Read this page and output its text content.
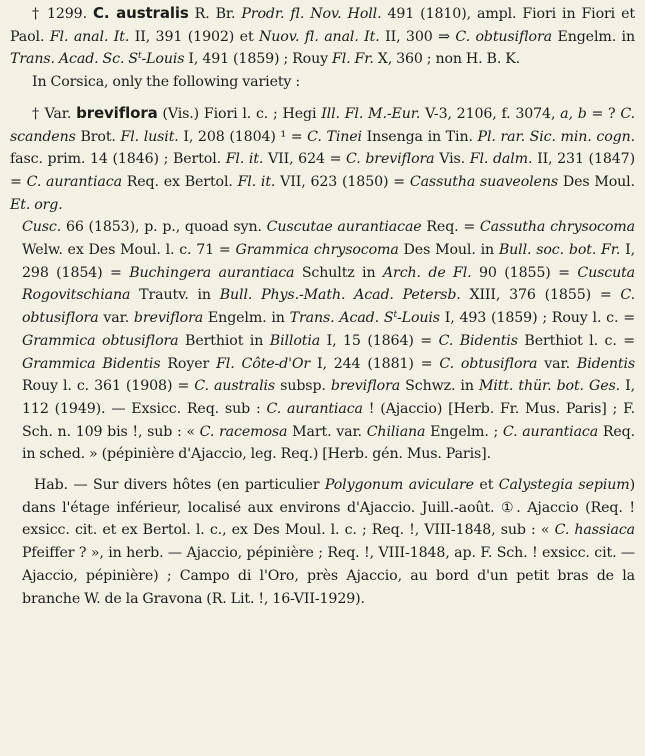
† 1299. C. australis R. Br. Prodr. fl. Nov. Holl. 491 (1810), ampl. Fiori in Fiori et Paol. Fl. anal. It. II, 391 (1902) et Nuov. fl. anal. It. II, 300 ⇒ C. obtusiflora Engelm. in Trans. Acad. Sc. $S^t$-Louis I, 491 (1859) ; Rouy Fl. Fr. X, 360 ; non H. B. K.

In Corsica, only the following variety :

† Var. breviflora (Vis.) Fiori l. c. ; Hegi Ill. Fl. M.-Eur. V-3, 2106, f. 3074, a, b = ? C. scandens Brot. Fl. lusit. I, 208 (1804) ¹ = C. Tinei Insenga in Tin. Pl. rar. Sic. min. cogn. fasc. prim. 14 (1846) ; Bertol. Fl. it. VII, 624 = C. breviflora Vis. Fl. dalm. II, 231 (1847) = C. aurantiaca Req. ex Bertol. Fl. it. VII, 623 (1850) = Cassutha suaveolens Des Moul. Et. org.

Cusc. 66 (1853), p. p., quoad syn. Cuscutae aurantiacae Req. = Cassutha chrysocoma Welw. ex Des Moul. l. c. 71 = Grammica chrysocoma Des Moul. in Bull. soc. bot. Fr. I, 298 (1854) = Buchingera aurantiaca Schultz in Arch. de Fl. 90 (1855) = Cuscuta Rogovitschiana Trautv. in Bull. Phys.-Math. Acad. Petersb. XIII, 376 (1855) = C. obtusiflora var. breviflora Engelm. in Trans. Acad. $S^t$-Louis I, 493 (1859) ; Rouy l. c. = Grammica obtusiflora Berthiot in Billotia I, 15 (1864) = C. Bidentis Berthiot l. c. = Grammica Bidentis Royer Fl. Côte-d'Or I, 244 (1881) = C. obtusiflora var. Bidentis Rouy l. c. 361 (1908) = C. australis subsp. breviflora Schwz. in Mitt. thür. bot. Ges. I, 112 (1949). — Exsicc. Req. sub : C. aurantiaca ! (Ajaccio) [Herb. Fr. Mus. Paris] ; F. Sch. n. 109 bis !, sub : « C. racemosa Mart. var. Chiliana Engelm. ; C. aurantiaca Req. in sched. » (pépinière d'Ajaccio, leg. Req.) [Herb. gén. Mus. Paris].

Hab. — Sur divers hôtes (en particulier Polygonum aviculare et Calystegia sepium) dans l'étage inférieur, localisé aux environs d'Ajaccio. Juill.-août. ①. Ajaccio (Req. ! exsicc. cit. et ex Bertol. l. c., ex Des Moul. l. c. ; Req. !, VIII-1848, sub : « C. hassiaca Pfeiffer ? », in herb. — Ajaccio, pépinière ; Req. !, VIII-1848, ap. F. Sch. ! exsicc. cit. — Ajaccio, pépinière) ; Campo di l'Oro, près Ajaccio, au bord d'un petit bras de la branche W. de la Gravona (R. Lit. !, 16-VII-1929).
